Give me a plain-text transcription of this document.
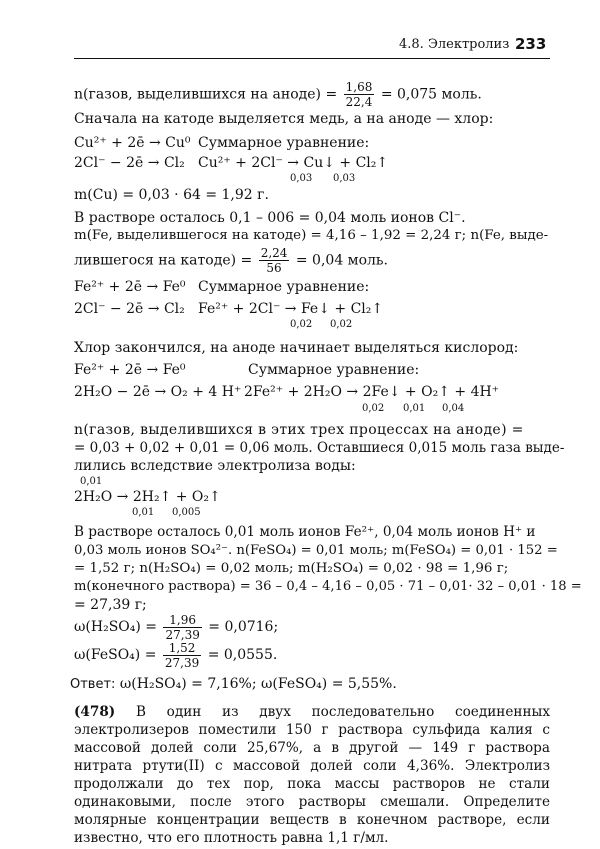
4.8. Электролиз 233
n(газов, выделившихся на аноде) = $\frac{1,68}{22,4} = 0,075$ моль.
Сначала на катоде выделяется медь, а на аноде — хлор:
Cu²⁺ + 2ē → Cu⁰ Суммарное уравнение:
2Cl⁻ − 2ē → Cl₂ Cu²⁺ + 2Cl⁻ → Cu↓ + Cl₂↑
0,03 0,03
m(Cu) = 0,03 · 64 = 1,92 г.
В растворе осталось 0,1 – 006 = 0,04 моль ионов Cl⁻.
m(Fe, выделившегося на катоде) = 4,16 – 1,92 = 2,24 г; n(Fe, выде-
лившегося на катоде) = $\frac{2,24}{56} = 0,04$ моль.
Fe²⁺ + 2ē → Fe⁰ Суммарное уравнение:
2Cl⁻ − 2ē → Cl₂ Fe²⁺ + 2Cl⁻ → Fe↓ + Cl₂↑
0,02 0,02
Хлор закончился, на аноде начинает выделяться кислород:
Fe²⁺ + 2ē → Fe⁰	Суммарное уравнение:
2H₂O − 2ē → O₂ + 4 H⁺ 2Fe²⁺ + 2H₂O → 2Fe↓ + O₂↑ + 4H⁺
0,02 0,01 0,04
n(газов, выделившихся в этих трех процессах на аноде) =
= 0,03 + 0,02 + 0,01 = 0,06 моль. Оставшиеся 0,015 моль газа выде-
лились вследствие электролиза воды:
0,01
2H₂O → 2H₂↑ + O₂↑
0,01 0,005
В растворе осталось 0,01 моль ионов Fe²⁺, 0,04 моль ионов H⁺ и
0,03 моль ионов SO₄²⁻. n(FeSO₄) = 0,01 моль; m(FeSO₄) = 0,01 · 152 =
= 1,52 г; n(H₂SO₄) = 0,02 моль; m(H₂SO₄) = 0,02 · 98 = 1,96 г;
m(конечного раствора) = 36 – 0,4 – 4,16 – 0,05 · 71 – 0,01· 32 – 0,01 · 18 =
= 27,39 г;
$\omega(H_2SO_4) = \frac{1,96}{27,39} = 0,0716$;
ω(FeSO₄) = $\frac{1,52}{27,39} = 0,0555$.
Ответ: ω(H₂SO₄) = 7,16%; ω(FeSO₄) = 5,55%.
(478) В один из двух последовательно соединенных электролизеров поместили 150 г раствора сульфида калия с массовой долей соли 25,67%, а в другой — 149 г раствора нитрата ртути(II) с массовой долей соли 4,36%. Электролиз продолжали до тех пор, пока массы растворов не стали одинаковыми, после этого растворы смешали. Определите молярные концентрации веществ в конечном растворе, если известно, что его плотность равна 1,1 г/мл.
